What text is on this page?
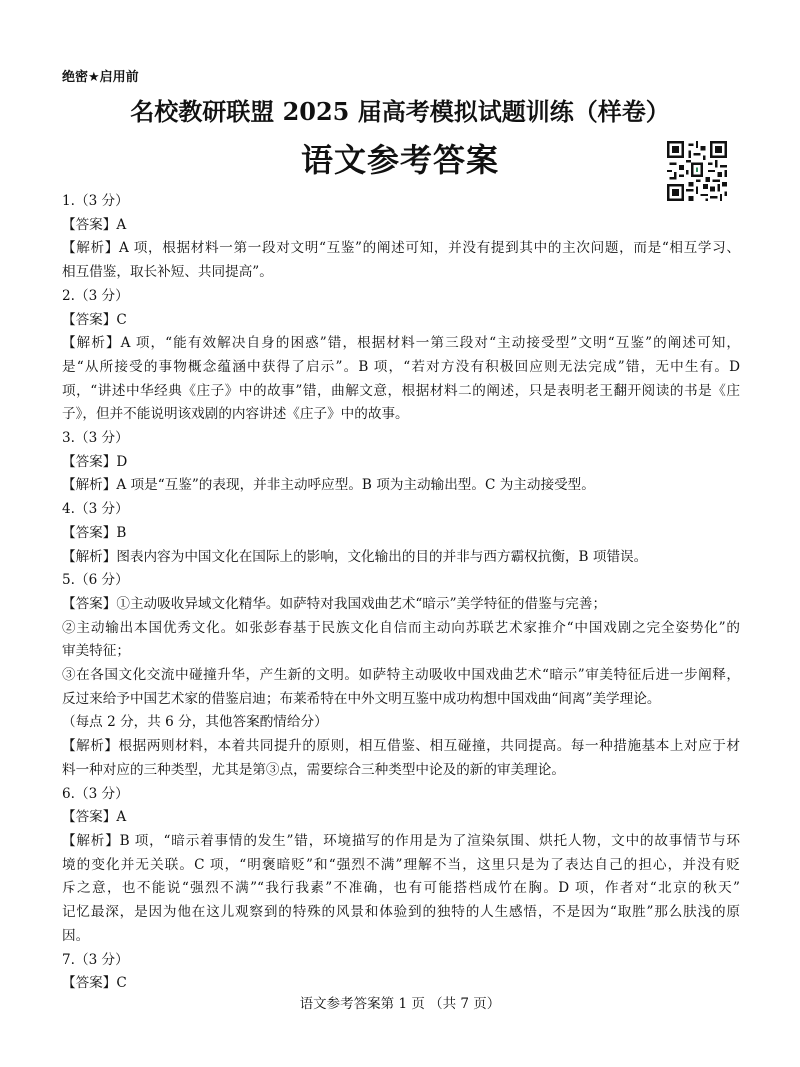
绝密★启用前
名校教研联盟 2025 届高考模拟试题训练（样卷）
语文参考答案
1.（3 分）
【答案】A
【解析】A 项，根据材料一第一段对文明“互鉴”的阐述可知，并没有提到其中的主次问题，而是“相互学习、
相互借鉴，取长补短、共同提高”。
2.（3 分）
【答案】C
【解析】A 项，“能有效解决自身的困惑”错，根据材料一第三段对“主动接受型”文明“互鉴”的阐述可知，
是“从所接受的事物概念蕴涵中获得了启示”。B 项，“若对方没有积极回应则无法完成”错，无中生有。D
项，“讲述中华经典《庄子》中的故事”错，曲解文意，根据材料二的阐述，只是表明老王翻开阅读的书是《庄
子》，但并不能说明该戏剧的内容讲述《庄子》中的故事。
3.（3 分）
【答案】D
【解析】A 项是“互鉴”的表现，并非主动呼应型。B 项为主动输出型。C 为主动接受型。
4.（3 分）
【答案】B
【解析】图表内容为中国文化在国际上的影响，文化输出的目的并非与西方霸权抗衡，B 项错误。
5.（6 分）
【答案】①主动吸收异域文化精华。如萨特对我国戏曲艺术“暗示”美学特征的借鉴与完善；
②主动输出本国优秀文化。如张彭春基于民族文化自信而主动向苏联艺术家推介“中国戏剧之完全姿势化”的
审美特征；
③在各国文化交流中碰撞升华，产生新的文明。如萨特主动吸收中国戏曲艺术“暗示”审美特征后进一步阐释，
反过来给予中国艺术家的借鉴启迪；布莱希特在中外文明互鉴中成功构想中国戏曲“间离”美学理论。
（每点 2 分，共 6 分，其他答案酌情给分）
【解析】根据两则材料，本着共同提升的原则，相互借鉴、相互碰撞，共同提高。每一种措施基本上对应于材
料一种对应的三种类型，尤其是第③点，需要综合三种类型中论及的新的审美理论。
6.（3 分）
【答案】A
【解析】B 项，“暗示着事情的发生”错，环境描写的作用是为了渲染氛围、烘托人物，文中的故事情节与环
境的变化并无关联。C 项，“明褒暗贬”和“强烈不满”理解不当，这里只是为了表达自己的担心，并没有贬
斥之意，也不能说“强烈不满”“我行我素”不准确，也有可能搭档成竹在胸。D 项，作者对“北京的秋天”
记忆最深，是因为他在这儿观察到的特殊的风景和体验到的独特的人生感悟，不是因为“取胜”那么肤浅的原
因。
7.（3 分）
【答案】C
语文参考答案第 1 页 （共 7 页）
